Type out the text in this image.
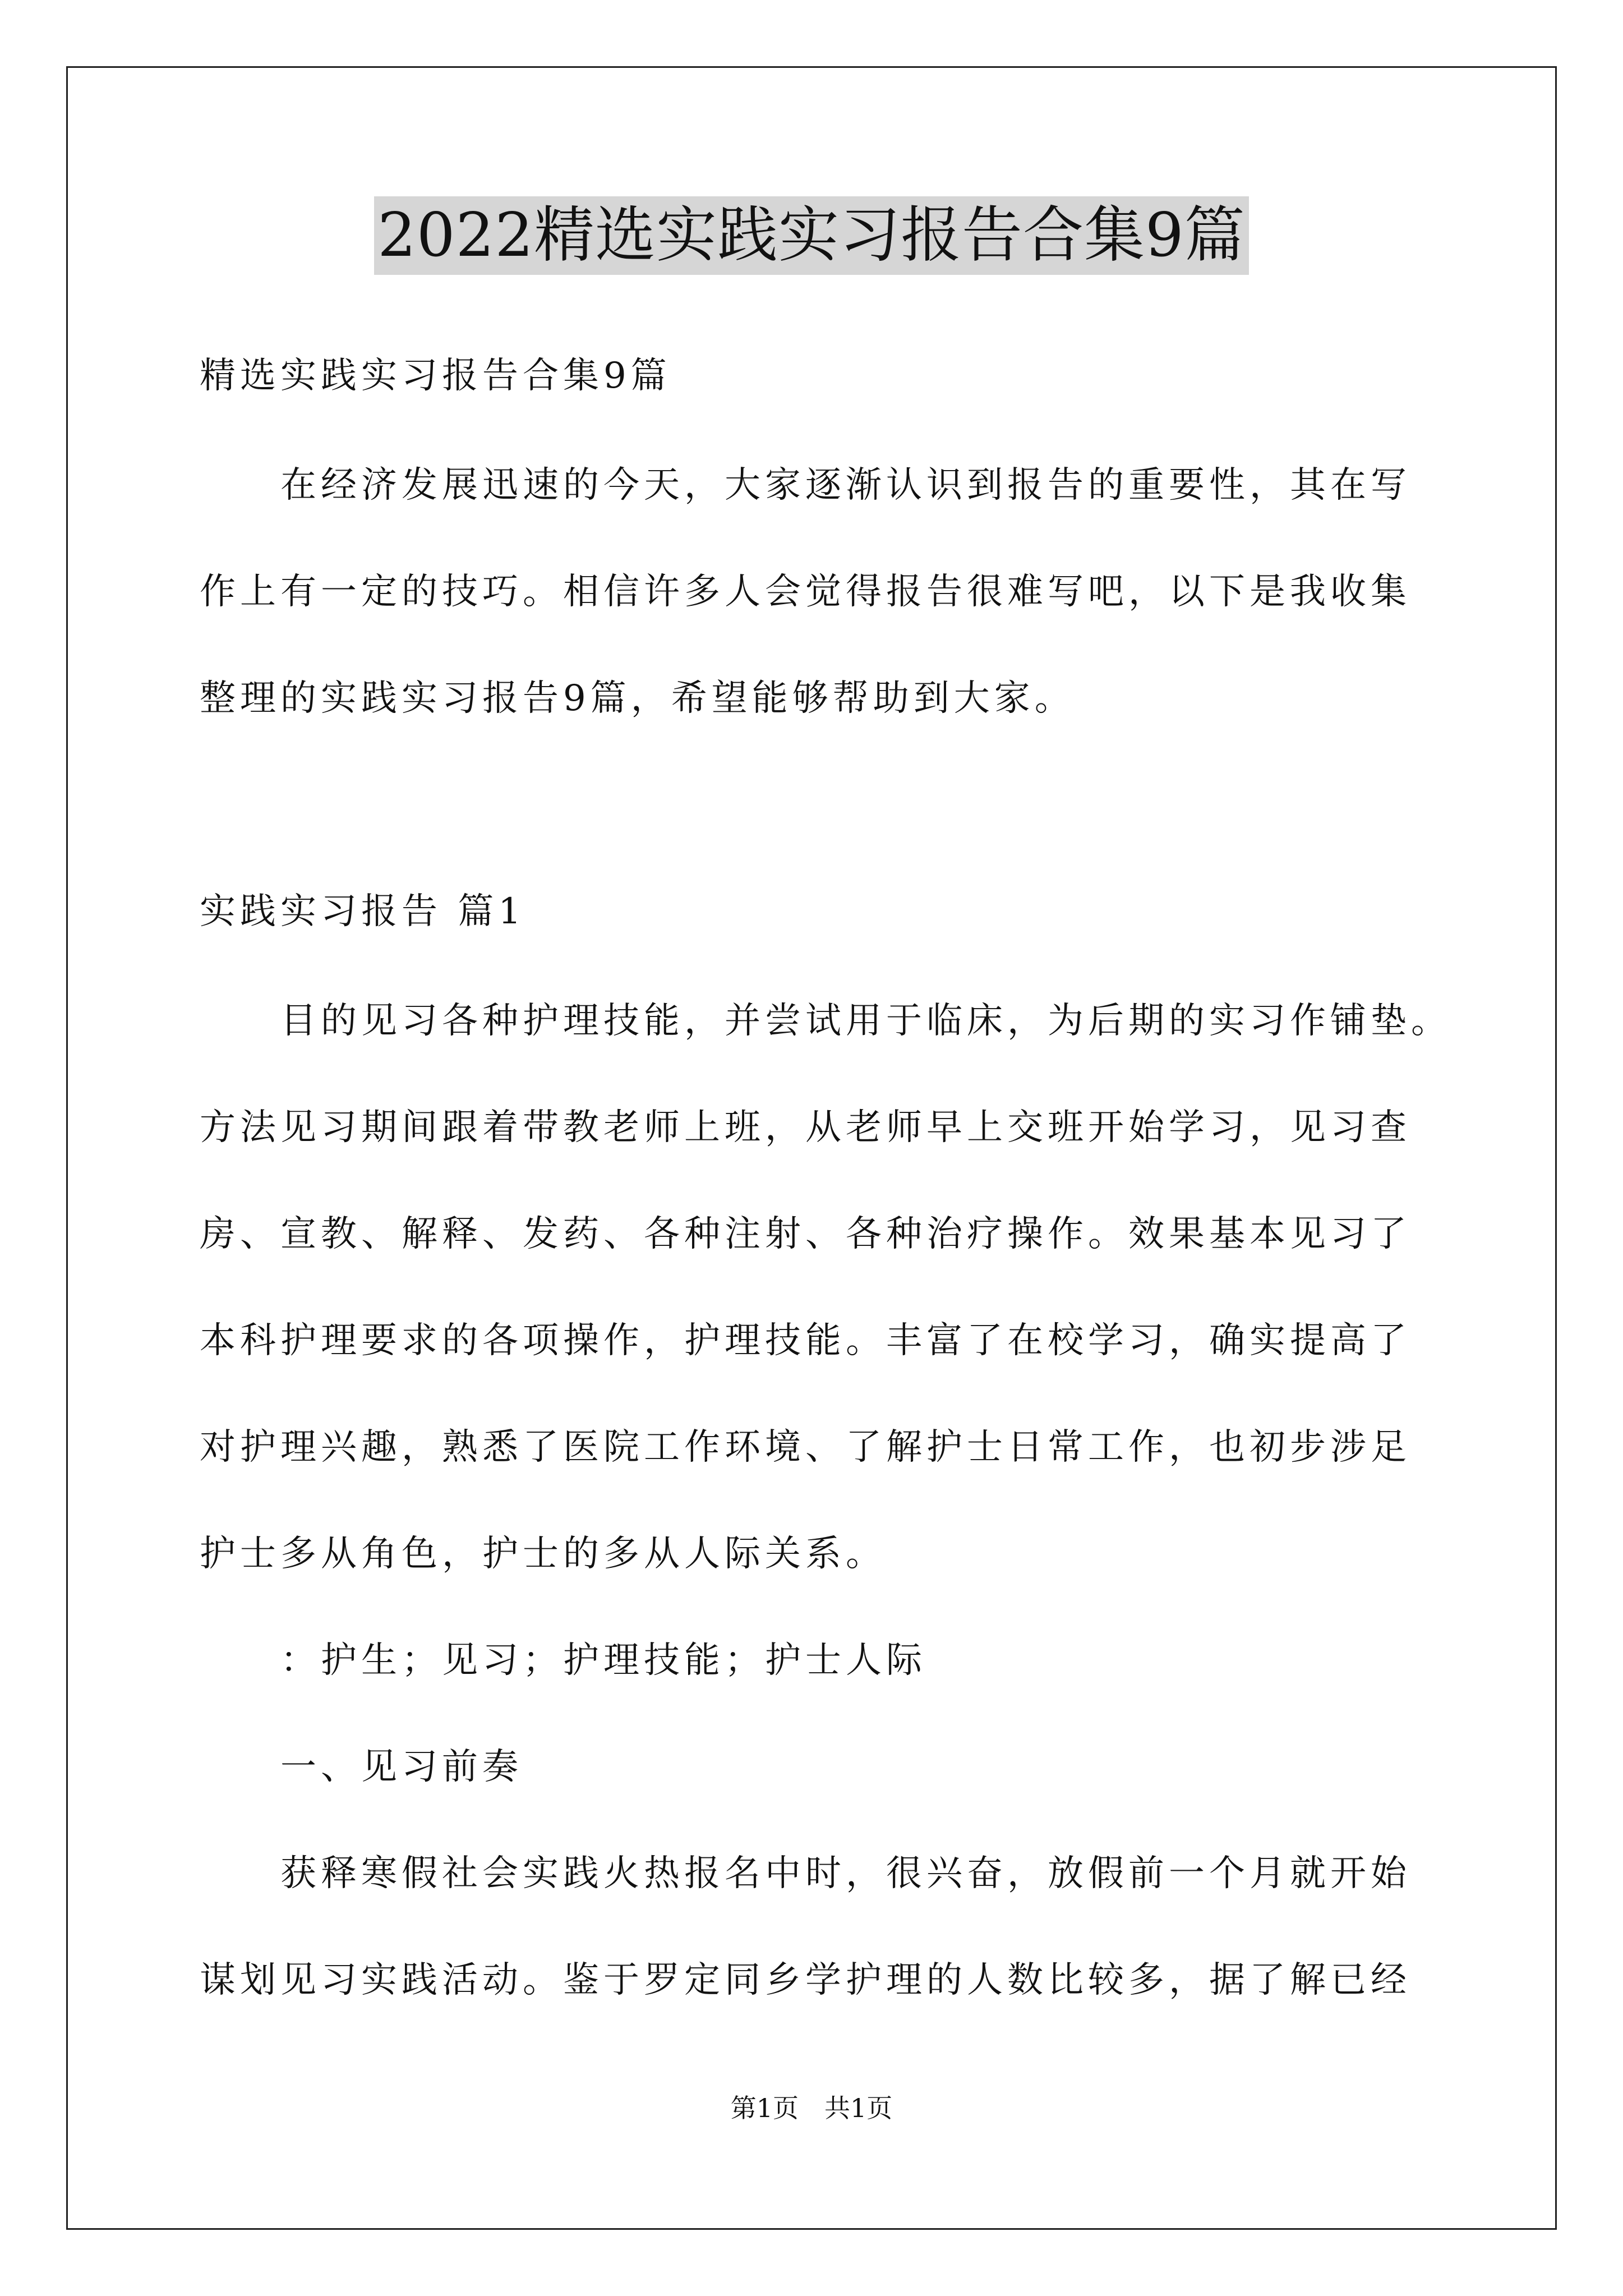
2022精选实践实习报告合集9篇
精选实践实习报告合集9篇
在经济发展迅速的今天，大家逐渐认识到报告的重要性，其在写
作上有一定的技巧。相信许多人会觉得报告很难写吧，以下是我收集
整理的实践实习报告9篇，希望能够帮助到大家。
实践实习报告 篇1
目的见习各种护理技能，并尝试用于临床，为后期的实习作铺垫。
方法见习期间跟着带教老师上班，从老师早上交班开始学习，见习查
房、宣教、解释、发药、各种注射、各种治疗操作。效果基本见习了
本科护理要求的各项操作，护理技能。丰富了在校学习，确实提高了
对护理兴趣，熟悉了医院工作环境、了解护士日常工作，也初步涉足
护士多从角色，护士的多从人际关系。
：护生；见习；护理技能；护士人际
一、见习前奏
获释寒假社会实践火热报名中时，很兴奋，放假前一个月就开始
谋划见习实践活动。鉴于罗定同乡学护理的人数比较多，据了解已经
第1页　共1页
